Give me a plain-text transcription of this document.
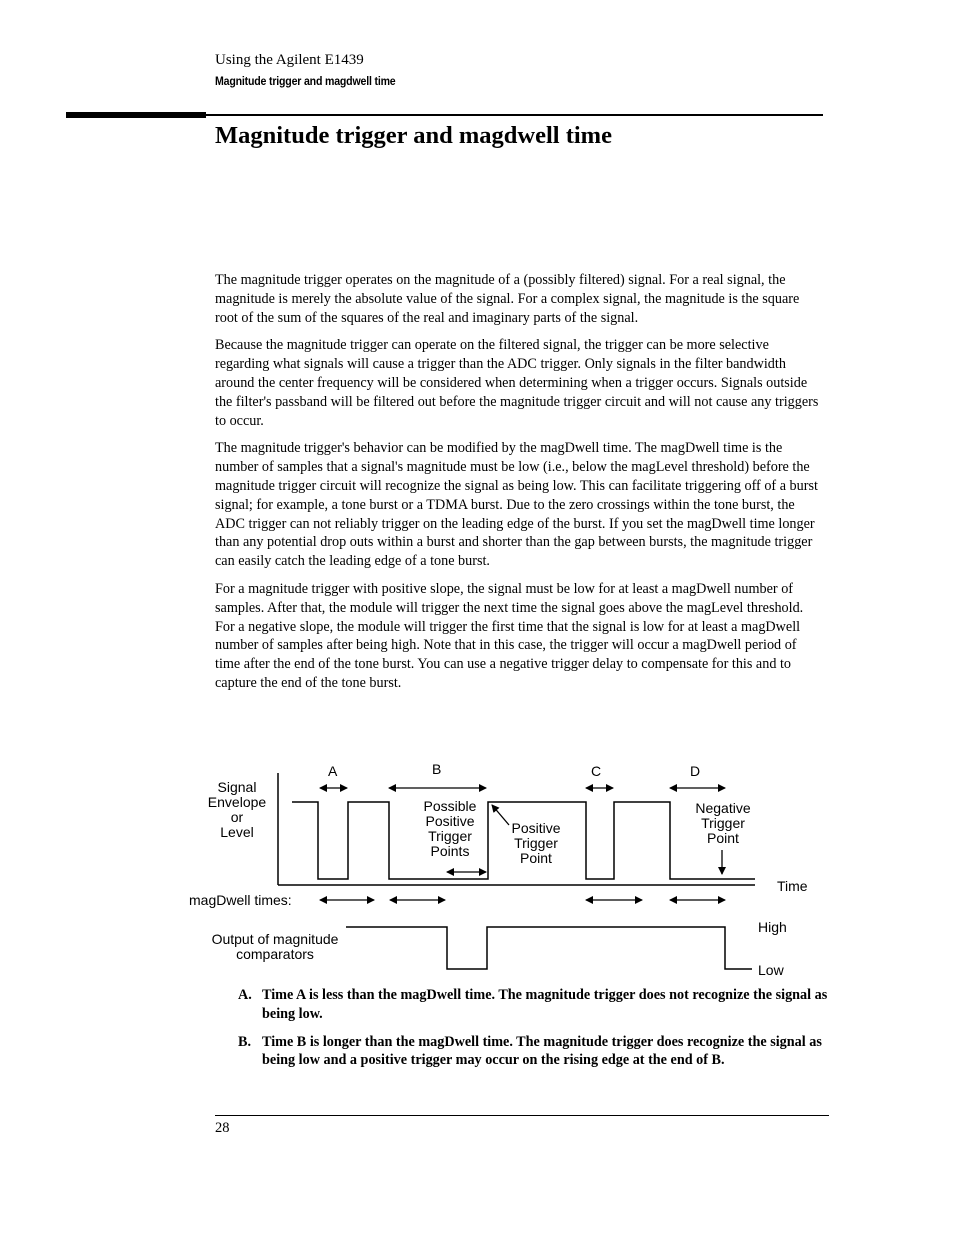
Using the Agilent E1439
Magnitude trigger and magdwell time
Magnitude trigger and magdwell time

The magnitude trigger operates on the magnitude of a (possibly filtered) signal. For a real signal, the magnitude is merely the absolute value of the signal. For a complex signal, the magnitude is the square root of the sum of the squares of the real and imaginary parts of the signal.

Because the magnitude trigger can operate on the filtered signal, the trigger can be more selective regarding what signals will cause a trigger than the ADC trigger. Only signals in the filter bandwidth around the center frequency will be considered when determining when a trigger occurs. Signals outside the filter's passband will be filtered out before the magnitude trigger circuit and will not cause any triggers to occur.

The magnitude trigger's behavior can be modified by the magDwell time. The magDwell time is the number of samples that a signal's magnitude must be low (i.e., below the magLevel threshold) before the magnitude trigger circuit will recognize the signal as being low. This can facilitate triggering off of a burst signal; for example, a tone burst or a TDMA burst. Due to the zero crossings within the tone burst, the ADC trigger can not reliably trigger on the leading edge of the burst. If you set the magDwell time longer than any potential drop outs within a burst and shorter than the gap between bursts, the magnitude trigger can easily catch the leading edge of a tone burst.

For a magnitude trigger with positive slope, the signal must be low for at least a magDwell number of samples. After that, the module will trigger the next time the signal goes above the magLevel threshold. For a negative slope, the module will trigger the first time that the signal is low for at least a magDwell number of samples after being high. Note that in this case, the trigger will occur a magDwell period of time after the end of the tone burst. You can use a negative trigger delay to compensate for this and to capture the end of the tone burst.

A	B	C	D
Signal
Envelope
or
Level
Time
Possible
Positive
Trigger
Points
Positive
Trigger
Point
Negative
Trigger
Point
magDwell times:
Output of magnitude
comparators
High
Low
A. Time A is less than the magDwell time. The magnitude trigger does not recognize the signal as being low.
B. Time B is longer than the magDwell time. The magnitude trigger does recognize the signal as being low and a positive trigger may occur on the rising edge at the end of B.
28
